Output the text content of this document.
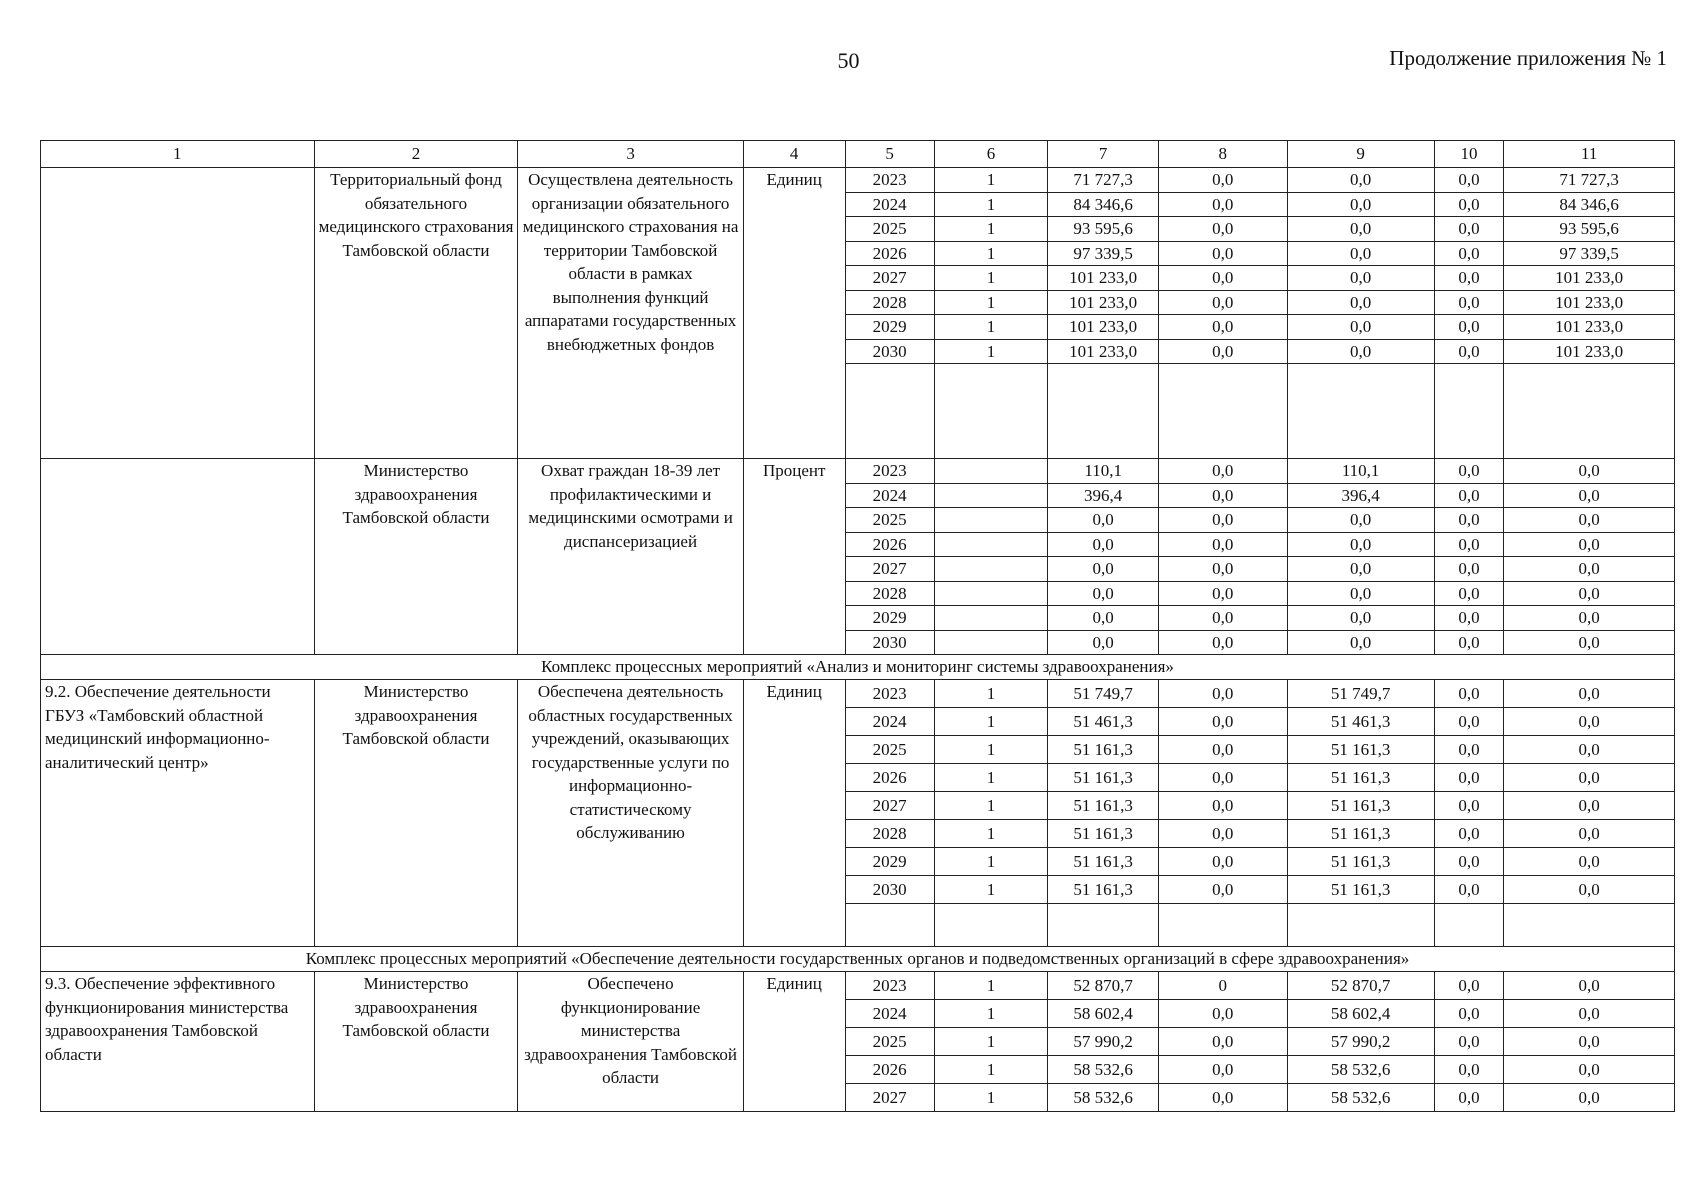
50	Продолжение приложения № 1
1	2	3	4	5	6	7	8	9	10	11
	Территориальный фонд обязательного медицинского страхования Тамбовской области	Осуществлена деятельность организации обязательного медицинского страхования на территории Тамбовской области в рамках выполнения функций аппаратами государственных внебюджетных фондов	Единиц	2023	1	71 727,3	0,0	0,0	0,0	71 727,3
				2024	1	84 346,6	0,0	0,0	0,0	84 346,6
				2025	1	93 595,6	0,0	0,0	0,0	93 595,6
				2026	1	97 339,5	0,0	0,0	0,0	97 339,5
				2027	1	101 233,0	0,0	0,0	0,0	101 233,0
				2028	1	101 233,0	0,0	0,0	0,0	101 233,0
				2029	1	101 233,0	0,0	0,0	0,0	101 233,0
				2030	1	101 233,0	0,0	0,0	0,0	101 233,0

	Министерство здравоохранения Тамбовской области	Охват граждан 18-39 лет профилактическими и медицинскими осмотрами и диспансеризацией	Процент	2023		110,1	0,0	110,1	0,0	0,0
				2024		396,4	0,0	396,4	0,0	0,0
				2025		0,0	0,0	0,0	0,0	0,0
				2026		0,0	0,0	0,0	0,0	0,0
				2027		0,0	0,0	0,0	0,0	0,0
				2028		0,0	0,0	0,0	0,0	0,0
				2029		0,0	0,0	0,0	0,0	0,0
				2030		0,0	0,0	0,0	0,0	0,0
Комплекс процессных мероприятий «Анализ и мониторинг системы здравоохранения»										
9.2. Обеспечение деятельности ГБУЗ «Тамбовский областной медицинский информационно-аналитический центр»	Министерство здравоохранения Тамбовской области	Обеспечена деятельность областных государственных учреждений, оказывающих государственные услуги по информационно-статистическому обслуживанию	Единиц	2023	1	51 749,7	0,0	51 749,7	0,0	0,0
				2024	1	51 461,3	0,0	51 461,3	0,0	0,0
				2025	1	51 161,3	0,0	51 161,3	0,0	0,0
				2026	1	51 161,3	0,0	51 161,3	0,0	0,0
				2027	1	51 161,3	0,0	51 161,3	0,0	0,0
				2028	1	51 161,3	0,0	51 161,3	0,0	0,0
				2029	1	51 161,3	0,0	51 161,3	0,0	0,0
				2030	1	51 161,3	0,0	51 161,3	0,0	0,0

Комплекс процессных мероприятий «Обеспечение деятельности государственных органов и подведомственных организаций в сфере здравоохранения»										
9.3. Обеспечение эффективного функционирования министерства здравоохранения Тамбовской области	Министерство здравоохранения Тамбовской области	Обеспечено функционирование министерства здравоохранения Тамбовской области	Единиц	2023	1	52 870,7	0	52 870,7	0,0	0,0
				2024	1	58 602,4	0,0	58 602,4	0,0	0,0
				2025	1	57 990,2	0,0	57 990,2	0,0	0,0
				2026	1	58 532,6	0,0	58 532,6	0,0	0,0
				2027	1	58 532,6	0,0	58 532,6	0,0	0,0
